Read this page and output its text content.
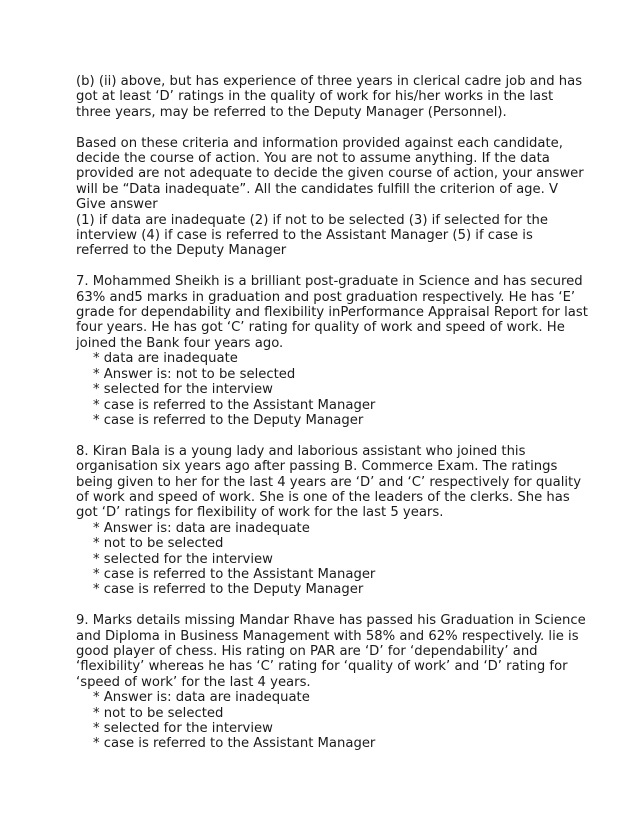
(b) (ii) above, but has experience of three years in clerical cadre job and has
got at least ‘D’ ratings in the quality of work for his/her works in the last
three years, may be referred to the Deputy Manager (Personnel).
Based on these criteria and information provided against each candidate,
decide the course of action. You are not to assume anything. If the data
provided are not adequate to decide the given course of action, your answer
will be “Data inadequate”. All the candidates fulfill the criterion of age. V
Give answer
(1) if data are inadequate (2) if not to be selected (3) if selected for the
interview (4) if case is referred to the Assistant Manager (5) if case is
referred to the Deputy Manager
7. Mohammed Sheikh is a brilliant post-graduate in Science and has secured
63% and5 marks in graduation and post graduation respectively. He has ‘E’
grade for dependability and flexibility inPerformance Appraisal Report for last
four years. He has got ‘C’ rating for quality of work and speed of work. He
joined the Bank four years ago.
* data are inadequate
* Answer is: not to be selected
* selected for the interview
* case is referred to the Assistant Manager
* case is referred to the Deputy Manager
8. Kiran Bala is a young lady and laborious assistant who joined this
organisation six years ago after passing B. Commerce Exam. The ratings
being given to her for the last 4 years are ‘D’ and ‘C’ respectively for quality
of work and speed of work. She is one of the leaders of the clerks. She has
got ‘D’ ratings for flexibility of work for the last 5 years.
* Answer is: data are inadequate
* not to be selected
* selected for the interview
* case is referred to the Assistant Manager
* case is referred to the Deputy Manager
9. Marks details missing Mandar Rhave has passed his Graduation in Science
and Diploma in Business Management with 58% and 62% respectively. lie is
good player of chess. His rating on PAR are ‘D’ for ‘dependability’ and
‘flexibility’ whereas he has ‘C’ rating for ‘quality of work’ and ‘D’ rating for
‘speed of work’ for the last 4 years.
* Answer is: data are inadequate
* not to be selected
* selected for the interview
* case is referred to the Assistant Manager
